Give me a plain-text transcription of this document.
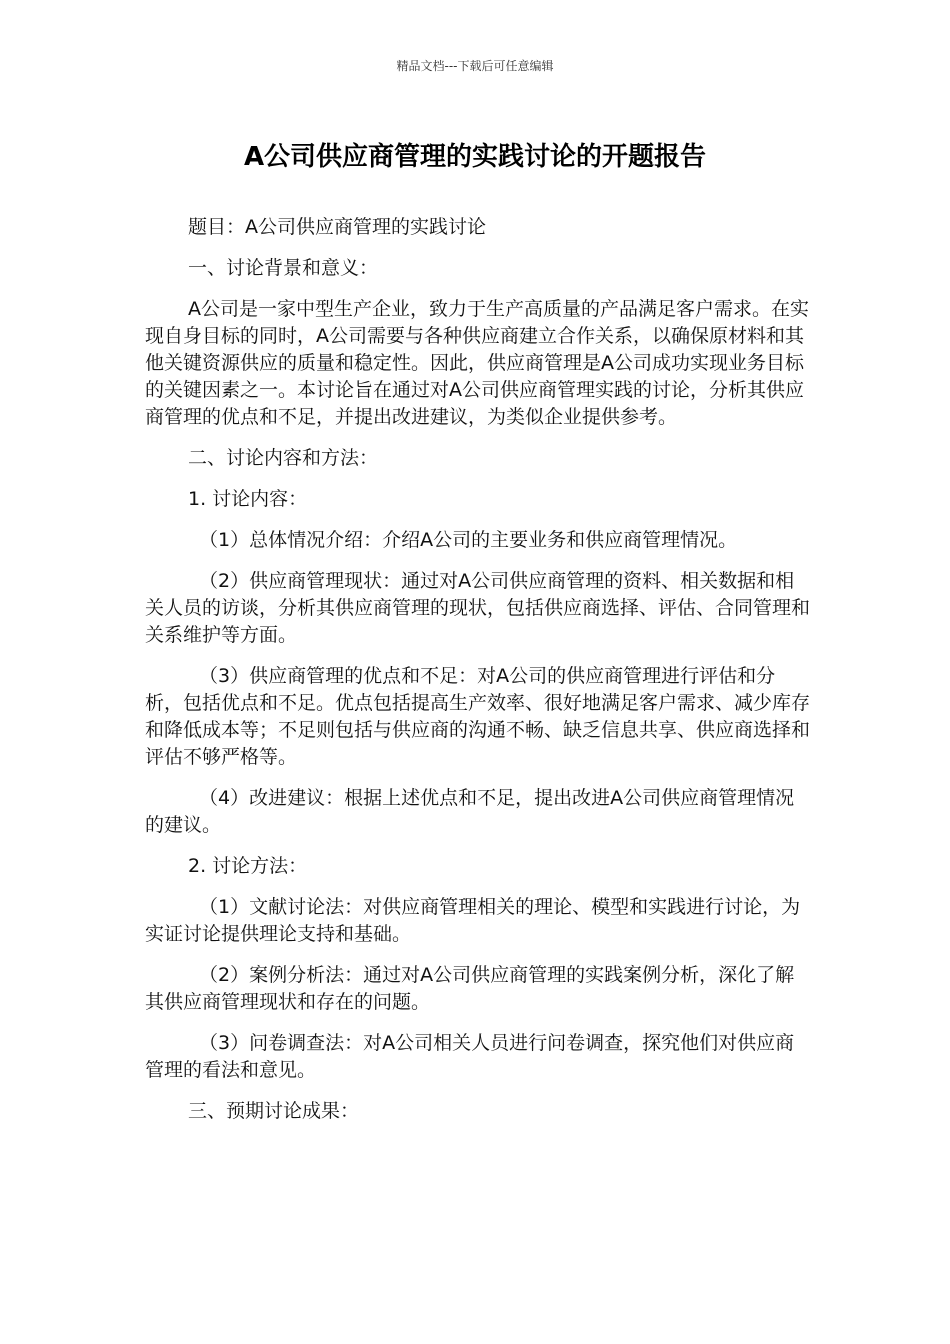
精品文档---下载后可任意编辑
A公司供应商管理的实践讨论的开题报告

题目：A公司供应商管理的实践讨论

一、讨论背景和意义：

A公司是一家中型生产企业，致力于生产高质量的产品满足客户需求。在实现自身目标的同时，A公司需要与各种供应商建立合作关系，以确保原材料和其他关键资源供应的质量和稳定性。因此，供应商管理是A公司成功实现业务目标的关键因素之一。本讨论旨在通过对A公司供应商管理实践的讨论，分析其供应商管理的优点和不足，并提出改进建议，为类似企业提供参考。

二、讨论内容和方法：

1. 讨论内容：

（1）总体情况介绍：介绍A公司的主要业务和供应商管理情况。

（2）供应商管理现状：通过对A公司供应商管理的资料、相关数据和相关人员的访谈，分析其供应商管理的现状，包括供应商选择、评估、合同管理和关系维护等方面。

（3）供应商管理的优点和不足：对A公司的供应商管理进行评估和分析，包括优点和不足。优点包括提高生产效率、很好地满足客户需求、减少库存和降低成本等；不足则包括与供应商的沟通不畅、缺乏信息共享、供应商选择和评估不够严格等。

（4）改进建议：根据上述优点和不足，提出改进A公司供应商管理情况的建议。

2. 讨论方法：

（1）文献讨论法：对供应商管理相关的理论、模型和实践进行讨论，为实证讨论提供理论支持和基础。

（2）案例分析法：通过对A公司供应商管理的实践案例分析，深化了解其供应商管理现状和存在的问题。

（3）问卷调查法：对A公司相关人员进行问卷调查，探究他们对供应商管理的看法和意见。

三、预期讨论成果：
